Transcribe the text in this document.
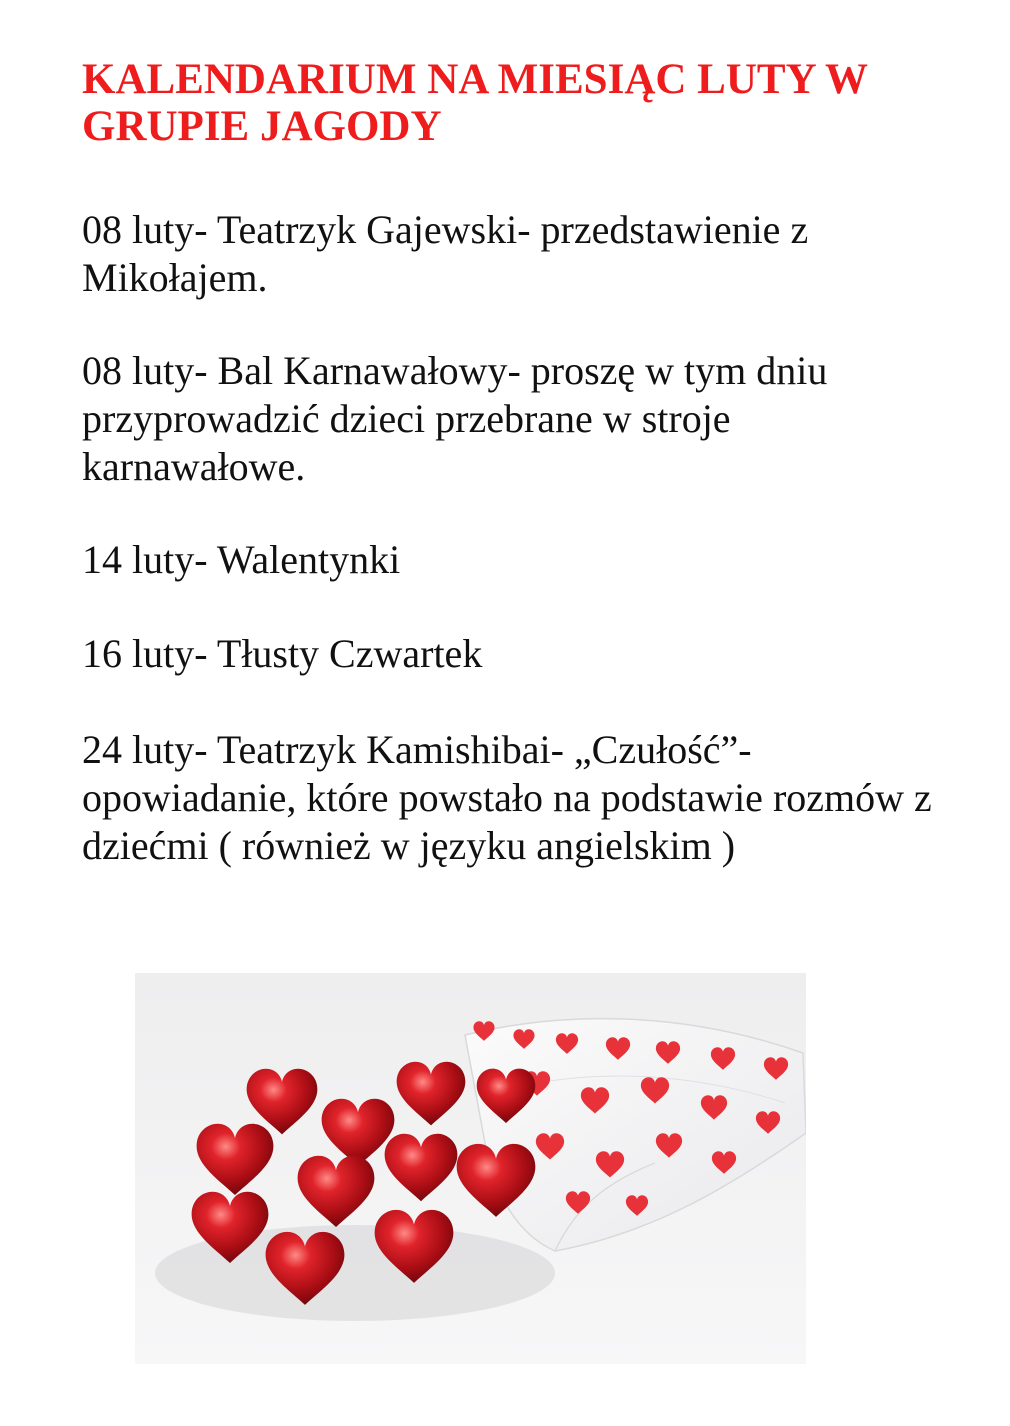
KALENDARIUM NA MIESIĄC LUTY W GRUPIE JAGODY

08 luty- Teatrzyk Gajewski- przedstawienie z Mikołajem.

08 luty- Bal Karnawałowy- proszę w tym dniu przyprowadzić dzieci przebrane w stroje karnawałowe.

14 luty- Walentynki

16 luty- Tłusty Czwartek

24 luty- Teatrzyk Kamishibai- „Czułość”- opowiadanie, które powstało na podstawie rozmów z dziećmi ( również w języku angielskim )
